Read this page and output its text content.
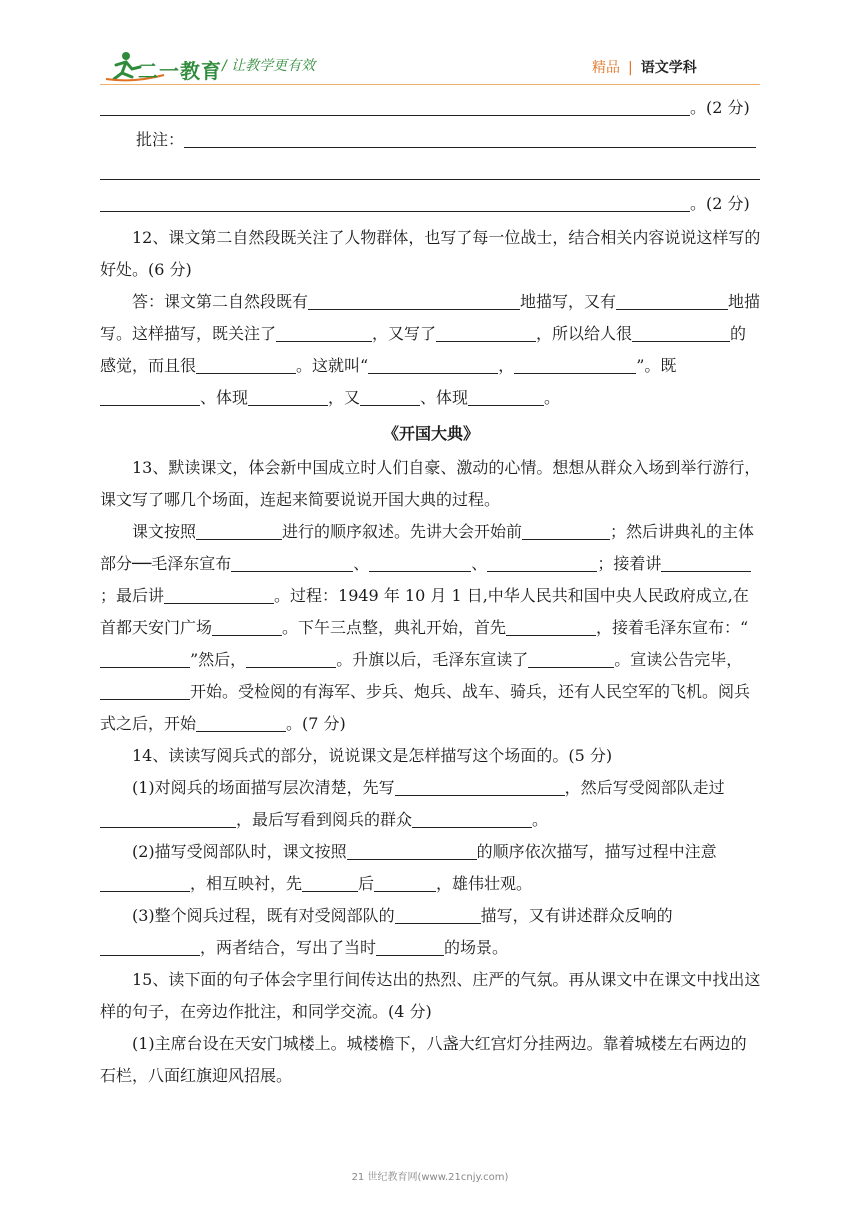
二一教育 / 让教学更有效	精品 | 语文学科

。(2 分)

批注：

。(2 分)

12、课文第二自然段既关注了人物群体，也写了每一位战士，结合相关内容说说这样写的好处。(6 分)

答：课文第二自然段既有	地描写，又有	地描写。这样描写，既关注了	，又写了	，所以给人很	的感觉，而且很	。这就叫“	，	”。既、体现	，又	、体现	。

《开国大典》

13、默读课文，体会新中国成立时人们自豪、激动的心情。想想从群众入场到举行游行，课文写了哪几个场面，连起来简要说说开国大典的过程。

课文按照	进行的顺序叙述。先讲大会开始前	；然后讲典礼的主体部分──毛泽东宣布	、	、	；接着讲；最后讲	。过程：1949 年 10 月 1 日,中华人民共和国中央人民政府成立,在首都天安门广场	。下午三点整，典礼开始，首先	，接着毛泽东宣布：“”然后，	。升旗以后，毛泽东宣读了	。宣读公告完毕，开始。受检阅的有海军、步兵、炮兵、战车、骑兵，还有人民空军的飞机。阅兵式之后，开始	。(7 分)

14、读读写阅兵式的部分，说说课文是怎样描写这个场面的。(5 分)

(1)对阅兵的场面描写层次清楚，先写	，然后写受阅部队走过，最后写看到阅兵的群众	。

(2)描写受阅部队时，课文按照	的顺序依次描写，描写过程中注意，相互映衬，先	后	，雄伟壮观。

(3)整个阅兵过程，既有对受阅部队的	描写，又有讲述群众反响的，两者结合，写出了当时	的场景。

15、读下面的句子体会字里行间传达出的热烈、庄严的气氛。再从课文中在课文中找出这样的句子，在旁边作批注，和同学交流。(4 分)

(1)主席台设在天安门城楼上。城楼檐下，八盏大红宫灯分挂两边。靠着城楼左右两边的石栏，八面红旗迎风招展。

21 世纪教育网(www.21cnjy.com)
